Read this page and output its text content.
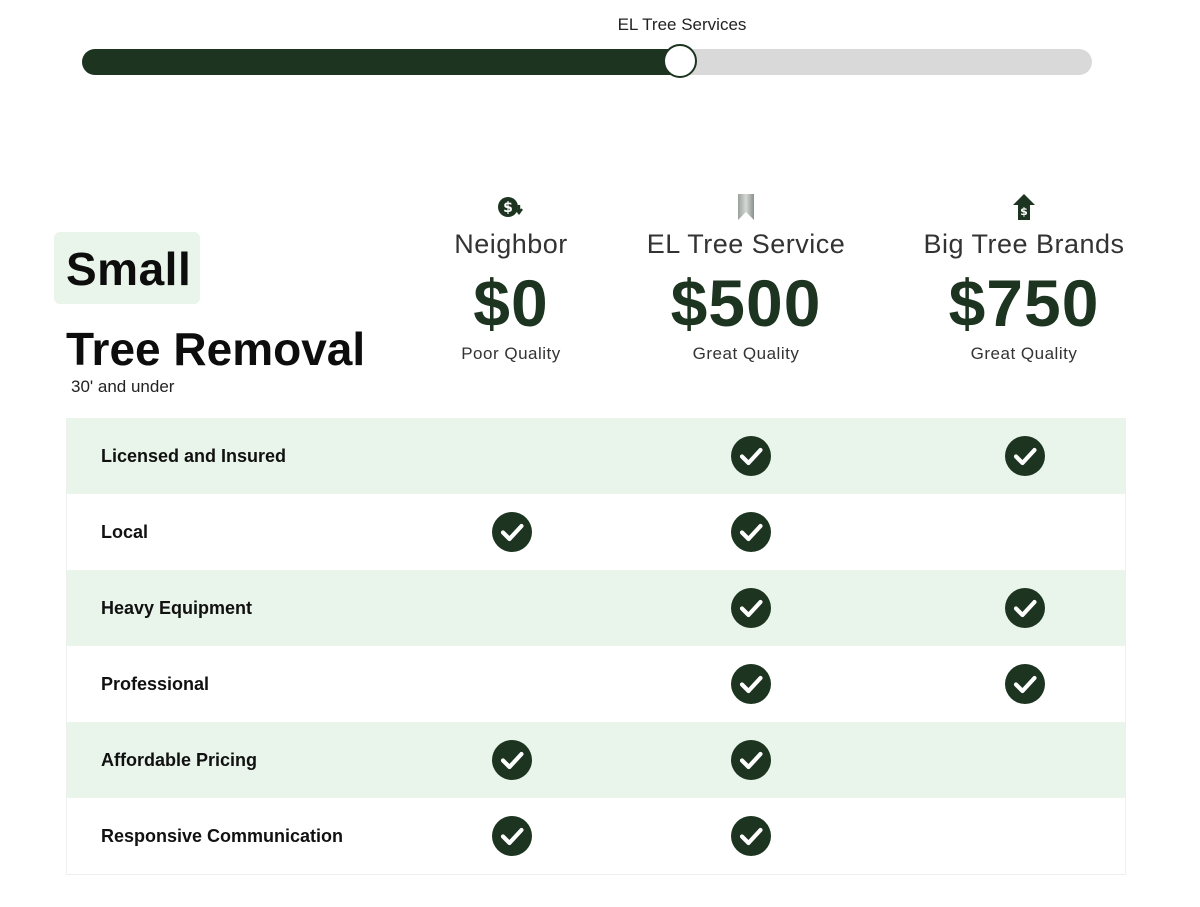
EL Tree Services
Small
Tree Removal
30' and under
$
Neighbor
$0
Poor Quality
EL Tree Service
$500
Great Quality
$
Big Tree Brands
$750
Great Quality
Licensed and Insured
Local
Heavy Equipment
Professional
Affordable Pricing
Responsive Communication
